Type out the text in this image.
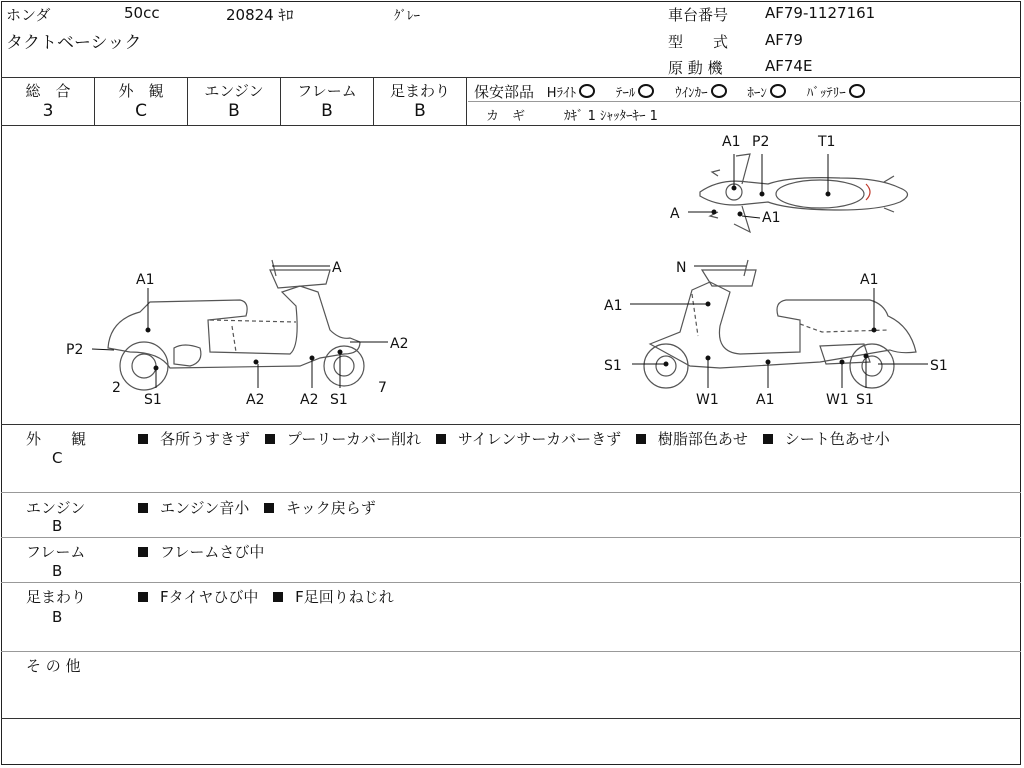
ホンダ	50cc	20824 ｷﾛ	ｸﾞﾚｰ
タクトベーシック
車台番号 AF79-1127161
型　　式 AF79
原 動 機	AF74E
総　合
3
外　観
C
エンジン
B
フレーム
B
足まわり
B
保安部品 Hﾗｲﾄ	ﾃｰﾙ	ｳｲﾝｶｰ	ﾎｰﾝ	ﾊﾞｯﾃﾘｰ
カ　ギ	ｶｷﾞ 1 ｼｬｯﾀｰｷｰ 1
A1 P2	T1
A	A1
A
A1
P2
2
S1	A2	A2 S1
A2
7
N
A1
A1
S1
W1	A1	W1 S1
S1
外　　観
C
各所うすきず プーリーカバー削れ サイレンサーカバーきず 樹脂部色あせ シート色あせ小
エンジン
B
エンジン音小 キック戻らず
フレーム
B
フレームさび中
足まわり
B
Fタイヤひび中 F足回りねじれ
そ の 他
